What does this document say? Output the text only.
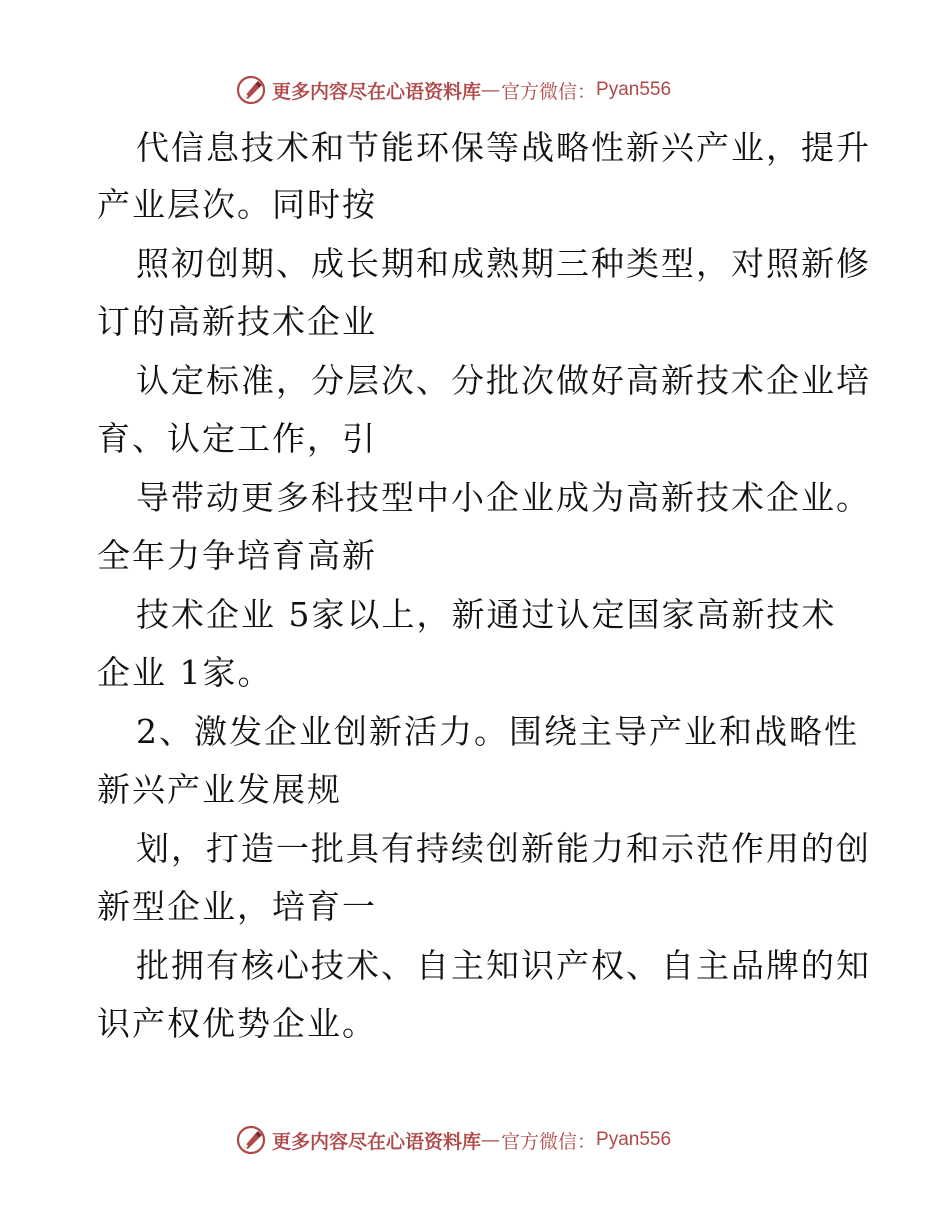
更多内容尽在心语资料库 — 官方微信： Pyan556
代信息技术和节能环保等战略性新兴产业，提升
产业层次。同时按
照初创期、成长期和成熟期三种类型，对照新修
订的高新技术企业
认定标准，分层次、分批次做好高新技术企业培
育、认定工作，引
导带动更多科技型中小企业成为高新技术企业。
全年力争培育高新
技术企业 5家以上，新通过认定国家高新技术
企业 1家。
2、激发企业创新活力。围绕主导产业和战略性
新兴产业发展规
划，打造一批具有持续创新能力和示范作用的创
新型企业，培育一
批拥有核心技术、自主知识产权、自主品牌的知
识产权优势企业。
更多内容尽在心语资料库 — 官方微信： Pyan556
